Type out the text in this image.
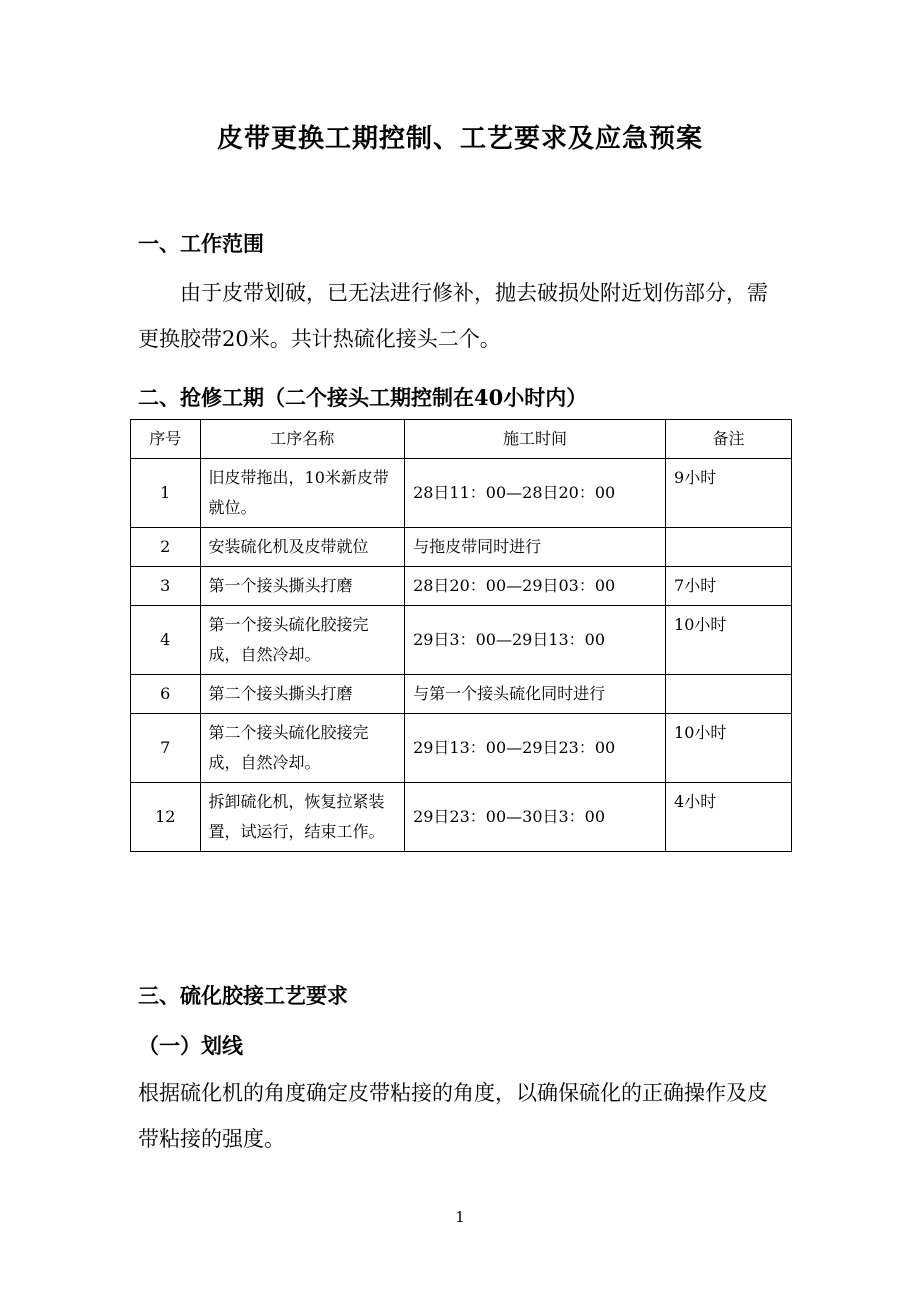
皮带更换工期控制、工艺要求及应急预案
一、工作范围
由于皮带划破，已无法进行修补，抛去破损处附近划伤部分，需更换胶带20米。共计热硫化接头二个。
二、抢修工期（二个接头工期控制在40小时内）
序号	工序名称	施工时间	备注
1	旧皮带拖出，10米新皮带就位。	28日11：00—28日20：00	9小时
2	安装硫化机及皮带就位	与拖皮带同时进行	
3	第一个接头撕头打磨	28日20：00—29日03：00	7小时
4	第一个接头硫化胶接完成，自然冷却。	29日3：00—29日13：00	10小时
6	第二个接头撕头打磨	与第一个接头硫化同时进行	
7	第二个接头硫化胶接完成，自然冷却。	29日13：00—29日23：00	10小时
12	拆卸硫化机，恢复拉紧装置，试运行，结束工作。	29日23：00—30日3：00	4小时
三、硫化胶接工艺要求
（一）划线
根据硫化机的角度确定皮带粘接的角度，以确保硫化的正确操作及皮带粘接的强度。
1
